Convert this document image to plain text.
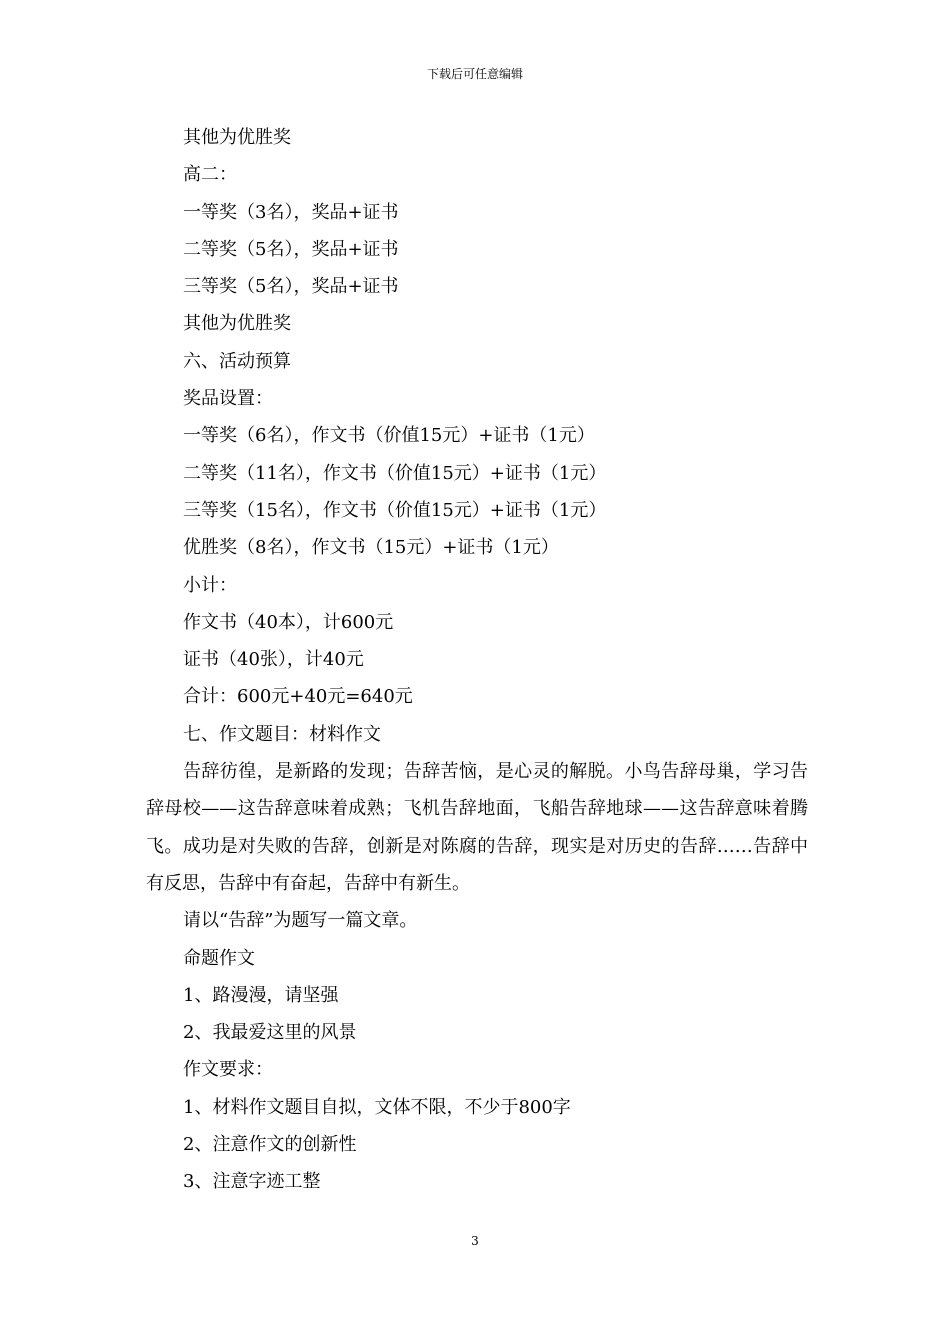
下载后可任意编辑
其他为优胜奖
高二：
一等奖（3名），奖品+证书
二等奖（5名），奖品+证书
三等奖（5名），奖品+证书
其他为优胜奖
六、活动预算
奖品设置：
一等奖（6名），作文书（价值15元）+证书（1元）
二等奖（11名），作文书（价值15元）+证书（1元）
三等奖（15名），作文书（价值15元）+证书（1元）
优胜奖（8名），作文书（15元）+证书（1元）
小计：
作文书（40本），计600元
证书（40张），计40元
合计：600元+40元=640元
七、作文题目：材料作文
告辞彷徨，是新路的发现；告辞苦恼，是心灵的解脱。小鸟告辞母巢，学习告辞母校——这告辞意味着成熟；飞机告辞地面，飞船告辞地球——这告辞意味着腾飞。成功是对失败的告辞，创新是对陈腐的告辞，现实是对历史的告辞……告辞中有反思，告辞中有奋起，告辞中有新生。
请以“告辞”为题写一篇文章。
命题作文
1、路漫漫，请坚强
2、我最爱这里的风景
作文要求：
1、材料作文题目自拟，文体不限，不少于800字
2、注意作文的创新性
3、注意字迹工整
3
